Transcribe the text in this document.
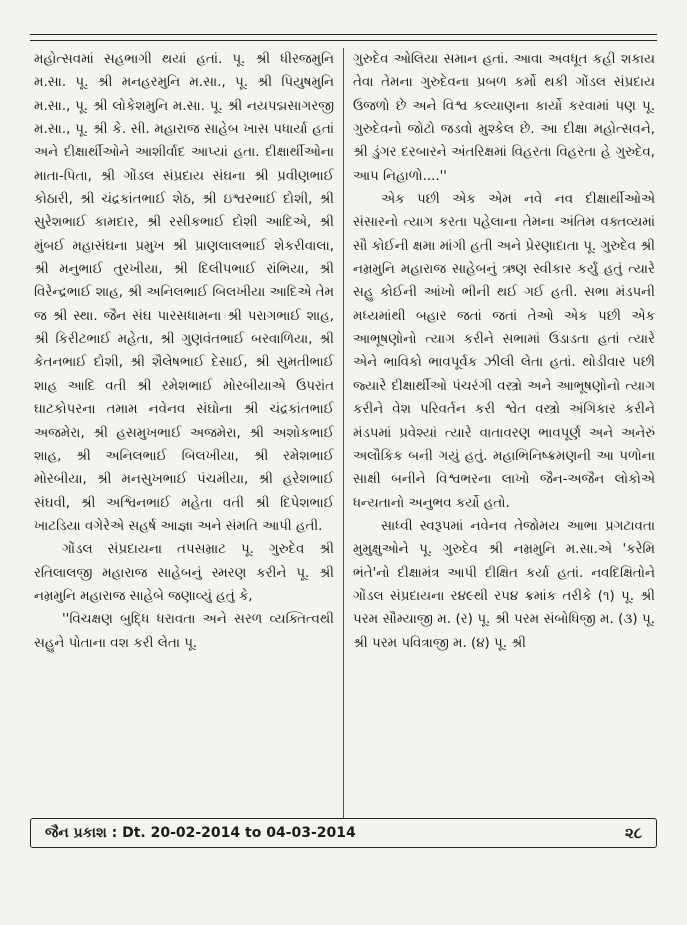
મહોત્સવમાં સહભાગી થયાં હતાં. પૂ. શ્રી ધીરજમુનિ મ.સા. પૂ. શ્રી મનહરમુનિ મ.સા., પૂ. શ્રી પિયુષમુનિ મ.સા., પૂ. શ્રી લોકેશમુનિ મ.સા. પૂ. શ્રી નયપદ્મસાગરજી મ.સા., પૂ. શ્રી કે. સી. મહારાજ સાહેબ ખાસ પધાર્યા હતાં અને દીક્ષાર્થીઓને આશીર્વાદ આપ્યાં હતા. દીક્ષાર્થીઓના માતા-પિતા, શ્રી ગોંડલ સંપ્રદાય સંઘના શ્રી પ્રવીણભાઈ કોઠારી, શ્રી ચંદ્રકાંતભાઈ શેઠ, શ્રી ઇશ્વરભાઈ દોશી, શ્રી સુરેશભાઈ કામદાર, શ્રી રસીકભાઈ દોશી આદિએ, શ્રી મુંબઈ મહાસંઘના પ્રમુખ શ્રી પ્રાણલાલભાઈ શેકરીવાલા, શ્રી મનુભાઈ તુરખીયા, શ્રી દિલીપભાઈ રાંભિયા, શ્રી વિરેન્દ્રભાઈ શાહ, શ્રી અનિલભાઈ બિલખીયા આદિએ તેમ જ શ્રી સ્થા. જૈન સંઘ પારસધામના શ્રી પરાગભાઈ શાહ, શ્રી કિરીટભાઈ મહેતા, શ્રી ગુણવંતભાઈ બરવાળિયા, શ્રી કેતનભાઈ દોશી, શ્રી શૈલેષભાઈ દેસાઈ, શ્રી સુમતીભાઈ શાહ આદિ વતી શ્રી રમેશભાઈ મોરબીયાએ ઉપરાંત ઘાટકોપરના તમામ નવેનવ સંઘોના શ્રી ચંદ્રકાંતભાઈ અજમેરા, શ્રી હસમુખભાઈ અજમેરા, શ્રી અશોકભાઈ શાહ, શ્રી અનિલભાઈ બિલખીયા, શ્રી રમેશભાઈ મોરબીયા, શ્રી મનસુખભાઈ પંચમીયા, શ્રી હરેશભાઈ સંઘવી, શ્રી અશ્વિનભાઈ મહેતા વતી શ્રી દિપેશભાઈ ખાટડિયા વગેરેએ સહર્ષ આજ્ઞા અને સંમતિ આપી હતી.

ગોંડલ સંપ્રદાયના તપસમ્રાટ પૂ. ગુરુદેવ શ્રી રતિલાલજી મહારાજ સાહેબનું સ્મરણ કરીને પૂ. શ્રી નમ્રમુનિ મહારાજ સાહેબે જણાવ્યું હતું કે,

''વિચક્ષણ બુદ્ધિ ધરાવતા અને સરળ વ્યક્તિત્વથી સહુને પોતાના વશ કરી લેતા પૂ.

ગુરુદેવ ઓલિયા સમાન હતાં. આવા અવધૂત કહી શકાય તેવા તેમના ગુરુદેવના પ્રબળ કર્મો થકી ગોંડલ સંપ્રદાય ઉજળો છે અને વિશ્વ કલ્યાણના કાર્યો કરવામાં પણ પૂ. ગુરુદેવનો જોટો જડવો મુશ્કેલ છે. આ દીક્ષા મહોત્સવને, શ્રી ડુંગર દરબારને અંતરિક્ષમાં વિહરતા વિહરતા હે ગુરુદેવ, આપ નિહાળો....''

એક પછી એક એમ નવે નવ દીક્ષાર્થીઓએ સંસારનો ત્યાગ કરતા પહેલાના તેમના અંતિમ વક્તવ્યમાં સૌ કોઈની ક્ષમા માંગી હતી અને પ્રેરણાદાતા પૂ. ગુરુદેવ શ્રી નમ્રમુનિ મહારાજ સાહેબનું ઋણ સ્વીકાર કર્યું હતું ત્યારે સહુ કોઈની આંખો ભીની થઈ ગઈ હતી. સભા મંડપની મધ્યમાંથી બહાર જતાં જતાં તેઓ એક પછી એક આભૂષણોનો ત્યાગ કરીને સભામાં ઉડાડતા હતાં ત્યારે એને ભાવિકો ભાવપૂર્વક ઝીલી લેતા હતાં. થોડીવાર પછી જ્યારે દીક્ષાર્થીઓ પંચરંગી વસ્ત્રો અને આભૂષણોનો ત્યાગ કરીને વેશ પરિવર્તન કરી શ્વેત વસ્ત્રો અંગિકાર કરીને મંડપમાં પ્રવેશ્યાં ત્યારે વાતાવરણ ભાવપૂર્ણ અને અનેરું અલૌકિક બની ગયું હતું. મહાભિનિષ્ક્રમણની આ પળોના સાક્ષી બનીને વિશ્વભરના લાખો જૈન-અજૈન લોકોએ ધન્યતાનો અનુભવ કર્યો હતો.

સાધ્વી સ્વરૂપમાં નવેનવ તેજોમય આભા પ્રગટાવતા મુમુક્ષુઓને પૂ. ગુરુદેવ શ્રી નમ્રમુનિ મ.સા.એ 'કરેમિ ભંતે'નો દીક્ષામંત્ર આપી દીક્ષિત કર્યા હતાં. નવદિક્ષિતોને ગોંડલ સંપ્રદાયના ર૪૯થી ર૫૪ ક્રમાંક તરીકે (૧) પૂ. શ્રી પરમ સૌમ્યાજી મ. (ર) પૂ. શ્રી પરમ સંબોધિજી મ. (૩) પૂ. શ્રી પરમ પવિત્રાજી મ. (૪) પૂ. શ્રી

જૈન પ્રકાશ : Dt. 20-02-2014 to 04-03-2014	૨૮
